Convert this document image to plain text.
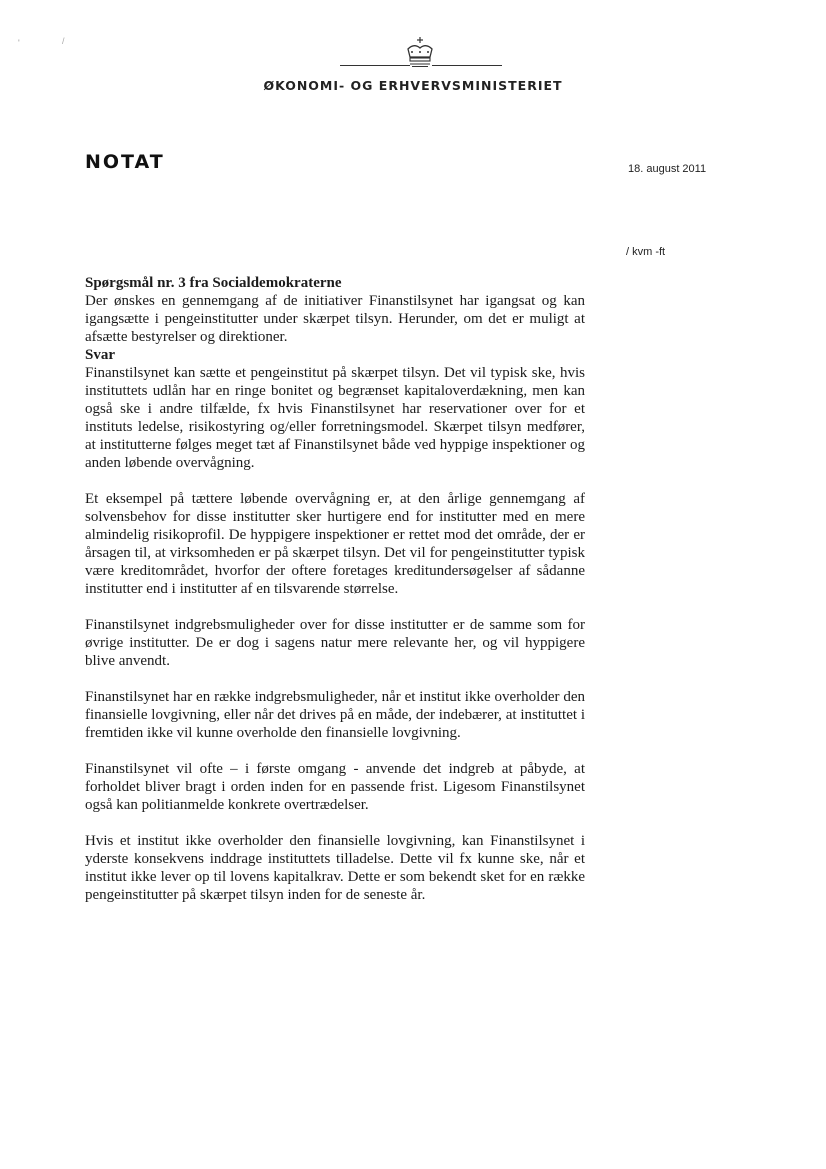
'	/
ØKONOMI- OG ERHVERVSMINISTERIET
NOTAT	18. august 2011
/ kvm -ft
Spørgsmål nr. 3 fra Socialdemokraterne

Der ønskes en gennemgang af de initiativer Finanstilsynet har igangsat og kan igangsætte i pengeinstitutter under skærpet tilsyn. Herunder, om det er muligt at afsætte bestyrelser og direktioner.

Svar

Finanstilsynet kan sætte et pengeinstitut på skærpet tilsyn. Det vil typisk ske, hvis instituttets udlån har en ringe bonitet og begrænset kapitaloverdækning, men kan også ske i andre tilfælde, fx hvis Finanstilsynet har reservationer over for et instituts ledelse, risikostyring og/eller forretningsmodel. Skærpet tilsyn medfører, at institutterne følges meget tæt af Finanstilsynet både ved hyppige inspektioner og anden løbende overvågning.

Et eksempel på tættere løbende overvågning er, at den årlige gennemgang af solvensbehov for disse institutter sker hurtigere end for institutter med en mere almindelig risikoprofil. De hyppigere inspektioner er rettet mod det område, der er årsagen til, at virksomheden er på skærpet tilsyn. Det vil for pengeinstitutter typisk være kreditområdet, hvorfor der oftere foretages kreditundersøgelser af sådanne institutter end i institutter af en tilsvarende størrelse.

Finanstilsynet indgrebsmuligheder over for disse institutter er de samme som for øvrige institutter. De er dog i sagens natur mere relevante her, og vil hyppigere blive anvendt.

Finanstilsynet har en række indgrebsmuligheder, når et institut ikke overholder den finansielle lovgivning, eller når det drives på en måde, der indebærer, at instituttet i fremtiden ikke vil kunne overholde den finansielle lovgivning.

Finanstilsynet vil ofte – i første omgang - anvende det indgreb at påbyde, at forholdet bliver bragt i orden inden for en passende frist. Ligesom Finanstilsynet også kan politianmelde konkrete overtrædelser.

Hvis et institut ikke overholder den finansielle lovgivning, kan Finanstilsynet i yderste konsekvens inddrage instituttets tilladelse. Dette vil fx kunne ske, når et institut ikke lever op til lovens kapitalkrav. Dette er som bekendt sket for en række pengeinstitutter på skærpet tilsyn inden for de seneste år.
